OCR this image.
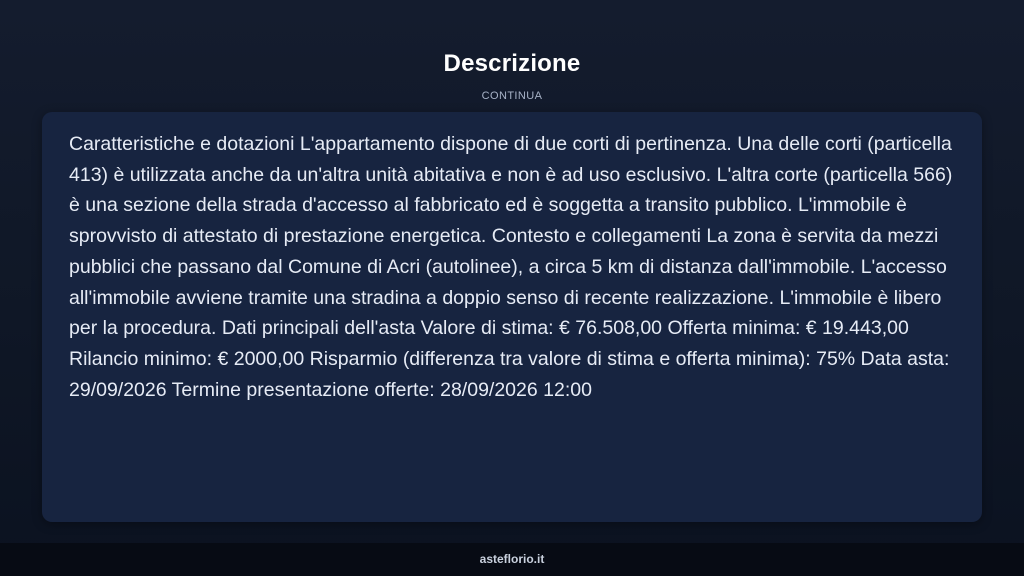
Descrizione
CONTINUA

Caratteristiche e dotazioni L'appartamento dispone di due corti di pertinenza. Una delle corti (particella 413) è utilizzata anche da un'altra unità abitativa e non è ad uso esclusivo. L'altra corte (particella 566) è una sezione della strada d'accesso al fabbricato ed è soggetta a transito pubblico. L'immobile è sprovvisto di attestato di prestazione energetica. Contesto e collegamenti La zona è servita da mezzi pubblici che passano dal Comune di Acri (autolinee), a circa 5 km di distanza dall'immobile. L'accesso all'immobile avviene tramite una stradina a doppio senso di recente realizzazione. L'immobile è libero per la procedura. Dati principali dell'asta Valore di stima: € 76.508,00 Offerta minima: € 19.443,00 Rilancio minimo: € 2000,00 Risparmio (differenza tra valore di stima e offerta minima): 75% Data asta: 29/09/2026 Termine presentazione offerte: 28/09/2026 12:00

asteflorio.it
